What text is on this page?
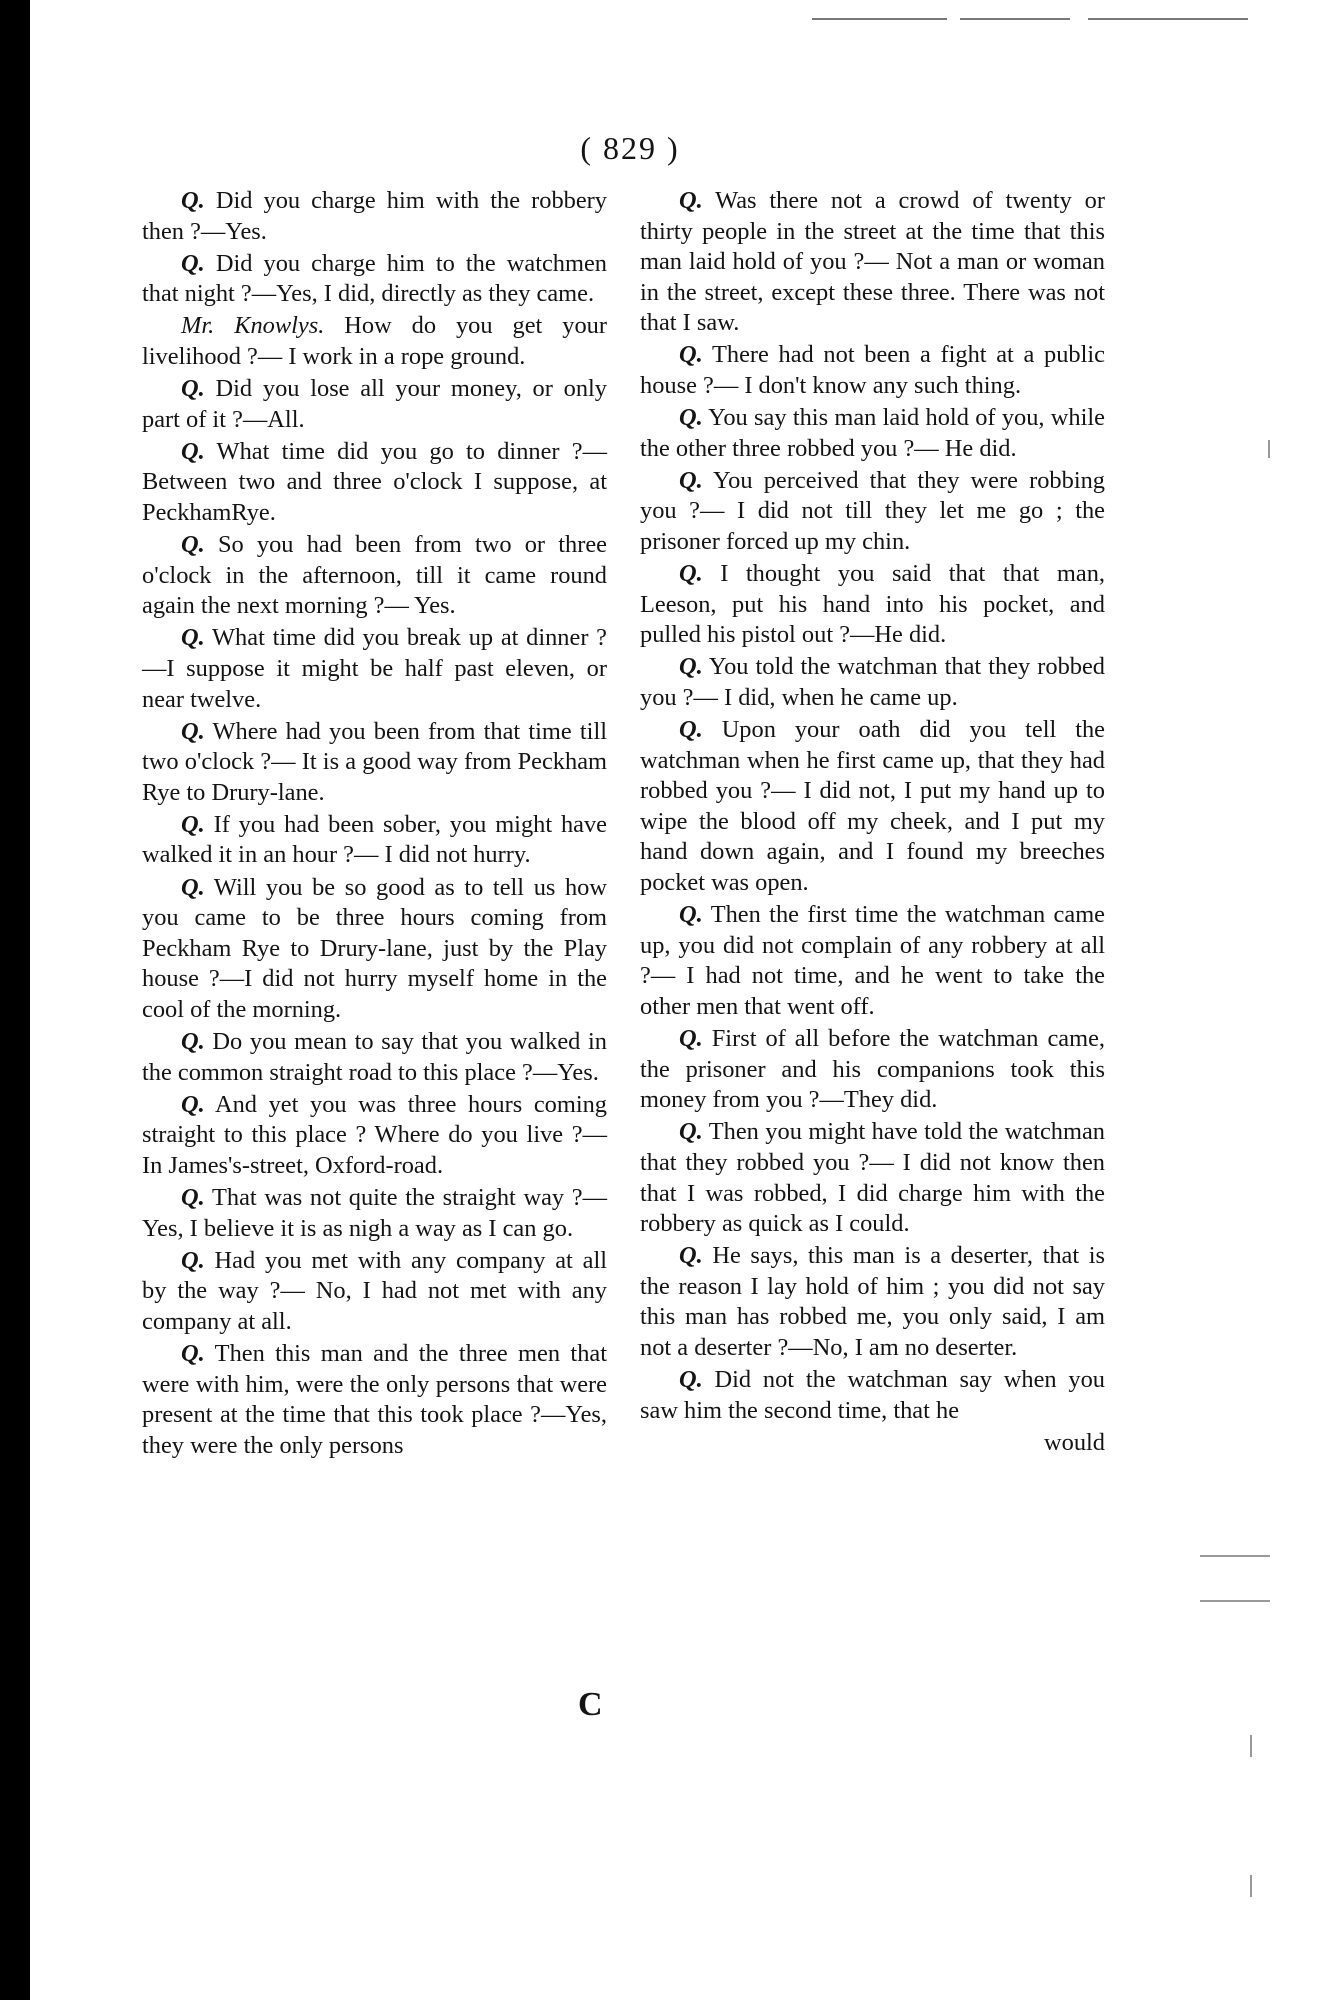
( 829 )

Q. Did you charge him with the robbery then ?—Yes.

Q. Did you charge him to the watchmen that night ?—Yes, I did, directly as they came.

Mr. Knowlys. How do you get your livelihood ?— I work in a rope ground.

Q. Did you lose all your money, or only part of it ?—All.

Q. What time did you go to dinner ?—Between two and three o'clock I suppose, at PeckhamRye.

Q. So you had been from two or three o'clock in the afternoon, till it came round again the next morning ?— Yes.

Q. What time did you break up at dinner ?—I suppose it might be half past eleven, or near twelve.

Q. Where had you been from that time till two o'clock ?— It is a good way from Peckham Rye to Drury-lane.

Q. If you had been sober, you might have walked it in an hour ?— I did not hurry.

Q. Will you be so good as to tell us how you came to be three hours coming from Peckham Rye to Drury-lane, just by the Play house ?—I did not hurry myself home in the cool of the morning.

Q. Do you mean to say that you walked in the common straight road to this place ?—Yes.

Q. And yet you was three hours coming straight to this place ? Where do you live ?— In James's-street, Oxford-road.

Q. That was not quite the straight way ?—Yes, I believe it is as nigh a way as I can go.

Q. Had you met with any company at all by the way ?— No, I had not met with any company at all.

Q. Then this man and the three men that were with him, were the only persons that were present at the time that this took place ?—Yes, they were the only persons

Q. Was there not a crowd of twenty or thirty people in the street at the time that this man laid hold of you ?— Not a man or woman in the street, except these three. There was not that I saw.

Q. There had not been a fight at a public house ?— I don't know any such thing.

Q. You say this man laid hold of you, while the other three robbed you ?— He did.

Q. You perceived that they were robbing you ?— I did not till they let me go ; the prisoner forced up my chin.

Q. I thought you said that that man, Leeson, put his hand into his pocket, and pulled his pistol out ?—He did.

Q. You told the watchman that they robbed you ?— I did, when he came up.

Q. Upon your oath did you tell the watchman when he first came up, that they had robbed you ?— I did not, I put my hand up to wipe the blood off my cheek, and I put my hand down again, and I found my breeches pocket was open.

Q. Then the first time the watchman came up, you did not complain of any robbery at all ?— I had not time, and he went to take the other men that went off.

Q. First of all before the watchman came, the prisoner and his companions took this money from you ?—They did.

Q. Then you might have told the watchman that they robbed you ?— I did not know then that I was robbed, I did charge him with the robbery as quick as I could.

Q. He says, this man is a deserter, that is the reason I lay hold of him ; you did not say this man has robbed me, you only said, I am not a deserter ?—No, I am no deserter.

Q. Did not the watchman say when you saw him the second time, that he

would

C
